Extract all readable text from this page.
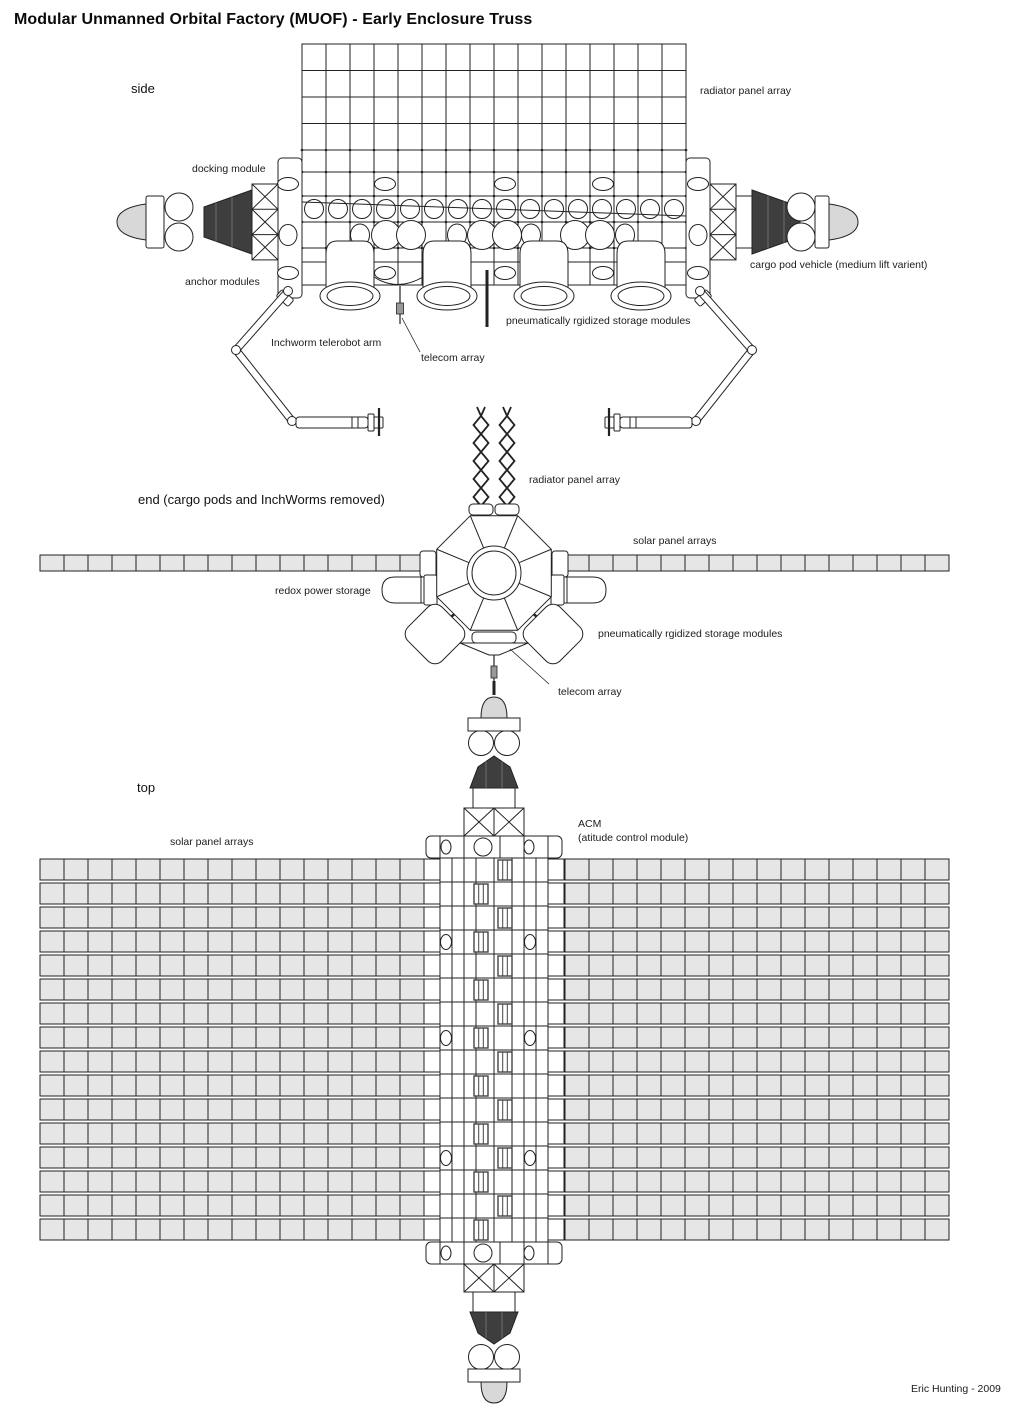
Modular Unmanned Orbital Factory (MUOF) - Early Enclosure Truss
side	radiator panel array
docking module
anchor modules
cargo pod vehicle (medium lift varient)
pneumatically rgidized storage modules
Inchworm telerobot arm
telecom array
end (cargo pods and InchWorms removed)
radiator panel array
solar panel arrays
redox power storage
pneumatically rgidized storage modules
telecom array
top
solar panel arrays
ACM
(atitude control module)
Eric Hunting - 2009
